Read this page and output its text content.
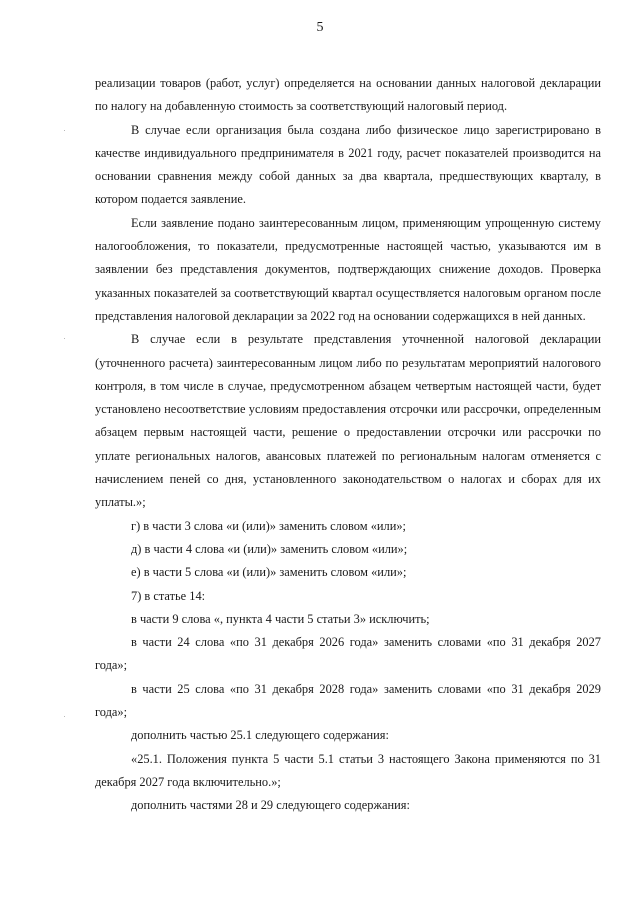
5

реализации товаров (работ, услуг) определяется на основании данных налоговой декларации по налогу на добавленную стоимость за соответствующий налоговый период.

В случае если организация была создана либо физическое лицо зарегистрировано в качестве индивидуального предпринимателя в 2021 году, расчет показателей производится на основании сравнения между собой данных за два квартала, предшествующих кварталу, в котором подается заявление.

Если заявление подано заинтересованным лицом, применяющим упрощенную систему налогообложения, то показатели, предусмотренные настоящей частью, указываются им в заявлении без представления документов, подтверждающих снижение доходов. Проверка указанных показателей за соответствующий квартал осуществляется налоговым органом после представления налоговой декларации за 2022 год на основании содержащихся в ней данных.

В случае если в результате представления уточненной налоговой декларации (уточненного расчета) заинтересованным лицом либо по результатам мероприятий налогового контроля, в том числе в случае, предусмотренном абзацем четвертым настоящей части, будет установлено несоответствие условиям предоставления отсрочки или рассрочки, определенным абзацем первым настоящей части, решение о предоставлении отсрочки или рассрочки по уплате региональных налогов, авансовых платежей по региональным налогам отменяется с начислением пеней со дня, установленного законодательством о налогах и сборах для их уплаты.»;

г) в части 3 слова «и (или)» заменить словом «или»;

д) в части 4 слова «и (или)» заменить словом «или»;

е) в части 5 слова «и (или)» заменить словом «или»;

7) в статье 14:

в части 9 слова «, пункта 4 части 5 статьи 3» исключить;

в части 24 слова «по 31 декабря 2026 года» заменить словами «по 31 декабря 2027 года»;

в части 25 слова «по 31 декабря 2028 года» заменить словами «по 31 декабря 2029 года»;

дополнить частью 25.1 следующего содержания:

«25.1. Положения пункта 5 части 5.1 статьи 3 настоящего Закона применяются по 31 декабря 2027 года включительно.»;

дополнить частями 28 и 29 следующего содержания:
